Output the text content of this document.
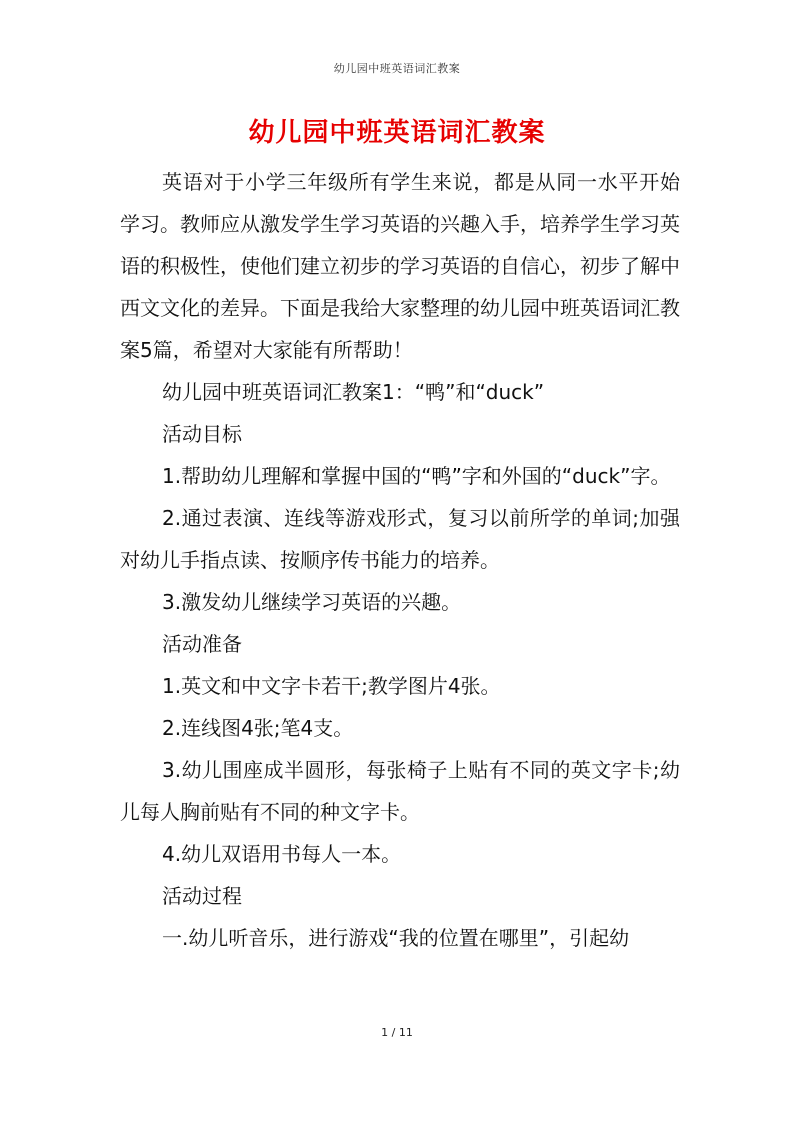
幼儿园中班英语词汇教案
幼儿园中班英语词汇教案

英语对于小学三年级所有学生来说，都是从同一水平开始学习。教师应从激发学生学习英语的兴趣入手，培养学生学习英语的积极性，使他们建立初步的学习英语的自信心，初步了解中西文文化的差异。下面是我给大家整理的幼儿园中班英语词汇教案5篇，希望对大家能有所帮助！

幼儿园中班英语词汇教案1：“鸭”和“duck”

活动目标

1.帮助幼儿理解和掌握中国的“鸭”字和外国的“duck”字。

2.通过表演、连线等游戏形式，复习以前所学的单词;加强对幼儿手指点读、按顺序传书能力的培养。

3.激发幼儿继续学习英语的兴趣。

活动准备

1.英文和中文字卡若干;教学图片4张。

2.连线图4张;笔4支。

3.幼儿围座成半圆形，每张椅子上贴有不同的英文字卡;幼儿每人胸前贴有不同的种文字卡。

4.幼儿双语用书每人一本。

活动过程

一.幼儿听音乐，进行游戏“我的位置在哪里”，引起幼

1 / 11
